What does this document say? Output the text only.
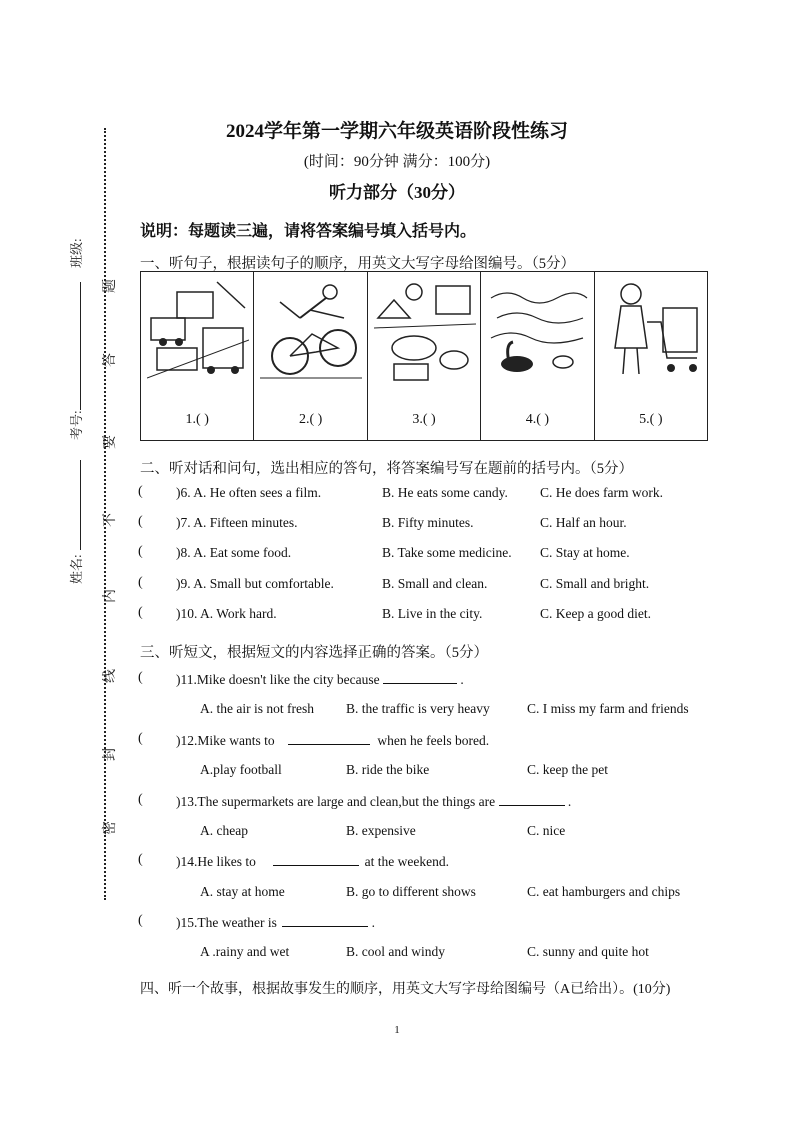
班级:
考号:
姓名:
题
答
要
不
内
线
封
密
2024学年第一学期六年级英语阶段性练习
(时间：90分钟 满分：100分)
听力部分（30分）
说明：每题读三遍，请将答案编号填入括号内。
一、听句子，根据读句子的顺序，用英文大写字母给图编号。（5分）
1.( )	2.( )	3.( )	4.( )	5.( )
二、听对话和问句，选出相应的答句，将答案编号写在题前的括号内。（5分）
( )6. A. He often sees a film.	B. He eats some candy. C. He does farm work.
( )7. A. Fifteen minutes.	B. Fifty minutes.	C. Half an hour.
( )8. A. Eat some food.	B. Take some medicine. C. Stay at home.
( )9. A. Small but comfortable.	B. Small and clean.	C. Small and bright.
( )10. A. Work hard.	B. Live in the city.	C. Keep a good diet.
三、听短文，根据短文的内容选择正确的答案。（5分）
( )11.Mike doesn't like the city because	.
A. the air is not fresh B. the traffic is very heavy	C. I miss my farm and friends
( )12.Mike wants to	when he feels bored.
A.play football	B. ride the bike	C. keep the pet
( )13.The supermarkets are large and clean,but the things are	.
A. cheap	B. expensive	C. nice
( )14.He likes to	at the weekend.
A. stay at home	B. go to different shows	C. eat hamburgers and chips
( )15.The weather is	.
A .rainy and wet	B. cool and windy	C. sunny and quite hot
四、听一个故事，根据故事发生的顺序，用英文大写字母给图编号（A已给出）。(10分)
1
